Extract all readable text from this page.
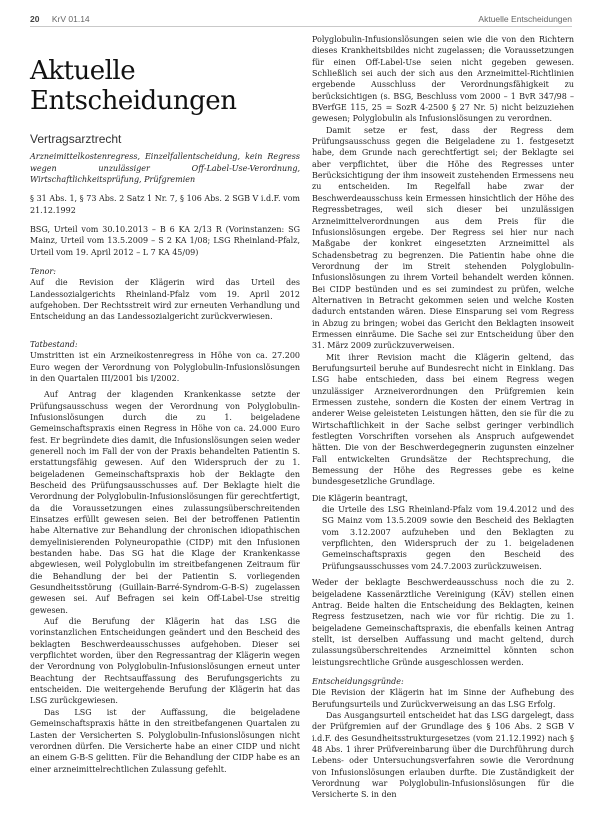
20 KrV 01.14	Aktuelle Entscheidungen
Aktuelle
Entscheidungen
Vertragsarztrecht

Arzneimittelkostenregress, Einzelfallentscheidung, kein Regress wegen unzulässiger Off-Label-Use-Verordnung, Wirtschaftlichkeitsprüfung, Prüfgremien

§ 31 Abs. 1, § 73 Abs. 2 Satz 1 Nr. 7, § 106 Abs. 2 SGB V i.d.F. vom 21.12.1992

BSG, Urteil vom 30.10.2013 – B 6 KA 2/13 R (Vorinstanzen: SG Mainz, Urteil vom 13.5.2009 – S 2 KA 1/08; LSG Rheinland-Pfalz, Urteil vom 19. April 2012 – L 7 KA 45/09)

Tenor:

Auf die Revision der Klägerin wird das Urteil des Landessozialgerichts Rheinland-Pfalz vom 19. April 2012 aufgehoben. Der Rechtsstreit wird zur erneuten Verhandlung und Entscheidung an das Landessozialgericht zurückverwiesen.

Tatbestand:

Umstritten ist ein Arzneikostenregress in Höhe von ca. 27.200 Euro wegen der Verordnung von Polyglobulin-Infusionslösungen in den Quartalen III/2001 bis I/2002.

Auf Antrag der klagenden Krankenkasse setzte der Prüfungsausschuss wegen der Verordnung von Polyglobulin-Infusionslösungen durch die zu 1. beigeladene Gemeinschaftspraxis einen Regress in Höhe von ca. 24.000 Euro fest. Er begründete dies damit, die Infusionslösungen seien weder generell noch im Fall der von der Praxis behandelten Patientin S. erstattungsfähig gewesen. Auf den Widerspruch der zu 1. beigeladenen Gemeinschaftspraxis hob der Beklagte den Bescheid des Prüfungsausschusses auf. Der Beklagte hielt die Verordnung der Polyglobulin-Infusionslösungen für gerechtfertigt, da die Voraussetzungen eines zulassungsüberschreitenden Einsatzes erfüllt gewesen seien. Bei der betroffenen Patientin habe Alternative zur Behandlung der chronischen idiopathischen demyelinisierenden Polyneuropathie (CIDP) mit den Infusionen bestanden habe. Das SG hat die Klage der Krankenkasse abgewiesen, weil Polyglobulin im streitbefangenen Zeitraum für die Behandlung der bei der Patientin S. vorliegenden Gesundheitsstörung (Guillain-Barré-Syndrom-G-B-S) zugelassen gewesen sei. Auf Befragen sei kein Off-Label-Use streitig gewesen.

Auf die Berufung der Klägerin hat das LSG die vorinstanzlichen Entscheidungen geändert und den Bescheid des beklagten Beschwerdeausschusses aufgehoben. Dieser sei verpflichtet worden, über den Regressantrag der Klägerin wegen der Verordnung von Polyglobulin-Infusionslösungen erneut unter Beachtung der Rechtsauffassung des Berufungsgerichts zu entscheiden. Die weitergehende Berufung der Klägerin hat das LSG zurückgewiesen.

Das LSG ist der Auffassung, die beigeladene Gemeinschaftspraxis hätte in den streitbefangenen Quartalen zu Lasten der Versicherten S. Polyglobulin-Infusionslösungen nicht verordnen dürfen. Die Versicherte habe an einer CIDP und nicht an einem G-B-S gelitten. Für die Behandlung der CIDP habe es an einer arzneimittelrechtlichen Zulassung gefehlt.

Polyglobulin-Infusionslösungen seien wie die von den Richtern dieses Krankheitsbildes nicht zugelassen; die Voraussetzungen für einen Off-Label-Use seien nicht gegeben gewesen. Schließlich sei auch der sich aus den Arzneimittel-Richtlinien ergebende Ausschluss der Verordnungsfähigkeit zu berücksichtigen (s. BSG, Beschluss vom 2000 – 1 BvR 347/98 – BVerfGE 115, 25 = SozR 4-2500 § 27 Nr. 5) nicht beizuziehen gewesen; Polyglobulin als Infusionslösungen zu verordnen.

Damit setze er fest, dass der Regress dem Prüfungsausschuss gegen die Beigeladene zu 1. festgesetzt habe, dem Grunde nach gerechtfertigt sei; der Beklagte sei aber verpflichtet, über die Höhe des Regresses unter Berücksichtigung der ihm insoweit zustehenden Ermessens neu zu entscheiden. Im Regelfall habe zwar der Beschwerdeausschuss kein Ermessen hinsichtlich der Höhe des Regressbetrages, weil sich dieser bei unzulässigen Arzneimittelverordnungen aus dem Preis für die Infusionslösungen ergebe. Der Regress sei hier nur nach Maßgabe der konkret eingesetzten Arzneimittel als Schadensbetrag zu begrenzen. Die Patientin habe ohne die Verordnung der im Streit stehenden Polyglobulin-Infusionslösungen zu ihrem Vorteil behandelt werden können. Bei CIDP bestünden und es sei zumindest zu prüfen, welche Alternativen in Betracht gekommen seien und welche Kosten dadurch entstanden wären. Diese Einsparung sei vom Regress in Abzug zu bringen; wobei das Gericht den Beklagten insoweit Ermessen einräume. Die Sache sei zur Entscheidung über den 31. März 2009 zurückzuverweisen.

Mit ihrer Revision macht die Klägerin geltend, das Berufungsurteil beruhe auf Bundesrecht nicht in Einklang. Das LSG habe entschieden, dass bei einem Regress wegen unzulässiger Arzneiverordnungen den Prüfgremien kein Ermessen zustehe, sondern die Kosten der einem Vertrag in anderer Weise geleisteten Leistungen hätten, den sie für die zu Wirtschaftlichkeit in der Sache selbst geringer verbindlich festlegten Vorschriften vorsehen als Anspruch aufgewendet hätten. Die von der Beschwerdegegnerin zugunsten einzelner Fall entwickelten Grundsätze der Rechtsprechung, die Bemessung der Höhe des Regresses gebe es keine bundesgesetzliche Grundlage.

Die Klägerin beantragt,

die Urteile des LSG Rheinland-Pfalz vom 19.4.2012 und des SG Mainz vom 13.5.2009 sowie den Bescheid des Beklagten vom 3.12.2007 aufzuheben und den Beklagten zu verpflichten, den Widerspruch der zu 1. beigeladenen Gemeinschaftspraxis gegen den Bescheid des Prüfungsausschusses vom 24.7.2003 zurückzuweisen.

Weder der beklagte Beschwerdeausschuss noch die zu 2. beigeladene Kassenärztliche Vereinigung (KÄV) stellen einen Antrag. Beide halten die Entscheidung des Beklagten, keinen Regress festzusetzen, nach wie vor für richtig. Die zu 1. beigeladene Gemeinschaftspraxis, die ebenfalls keinen Antrag stellt, ist derselben Auffassung und macht geltend, durch zulassungsüberschreitendes Arzneimittel könnten schon leistungsrechtliche Gründe ausgeschlossen werden.

Entscheidungsgründe:

Die Revision der Klägerin hat im Sinne der Aufhebung des Berufungsurteils und Zurückverweisung an das LSG Erfolg.

Das Ausgangsurteil entscheidet hat das LSG dargelegt, dass der Prüfgremien auf der Grundlage des § 106 Abs. 2 SGB V i.d.F. des Gesundheitsstrukturgesetzes (vom 21.12.1992) nach § 48 Abs. 1 ihrer Prüfvereinbarung über die Durchführung durch Lebens- oder Untersuchungsverfahren sowie die Verordnung von Infusionslösungen erlauben durfte. Die Zuständigkeit der Verordnung war Polyglobulin-Infusionslösungen für die Versicherte S. in den
